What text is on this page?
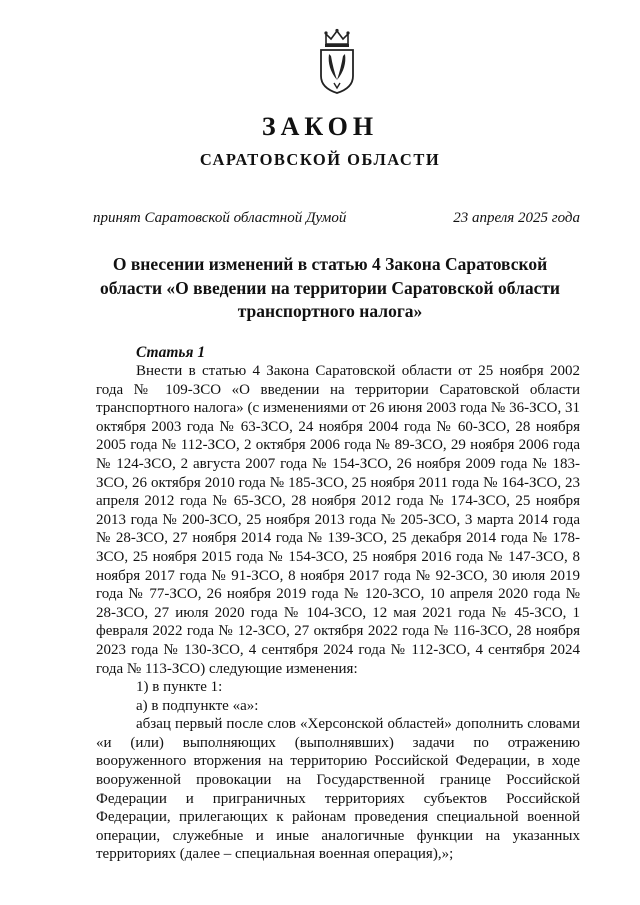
ЗАКОН
САРАТОВСКОЙ ОБЛАСТИ
принят Саратовской областной Думой	23 апреля 2025 года
О внесении изменений в статью 4 Закона Саратовской области «О введении на территории Саратовской области транспортного налога»
Статья 1

Внести в статью 4 Закона Саратовской области от 25 ноября 2002 года № 109-ЗСО «О введении на территории Саратовской области транспортного налога» (с изменениями от 26 июня 2003 года № 36-ЗСО, 31 октября 2003 года № 63-ЗСО, 24 ноября 2004 года № 60-ЗСО, 28 ноября 2005 года № 112-ЗСО, 2 октября 2006 года № 89-ЗСО, 29 ноября 2006 года № 124-ЗСО, 2 августа 2007 года № 154-ЗСО, 26 ноября 2009 года № 183-ЗСО, 26 октября 2010 года № 185-ЗСО, 25 ноября 2011 года № 164-ЗСО, 23 апреля 2012 года № 65-ЗСО, 28 ноября 2012 года № 174-ЗСО, 25 ноября 2013 года № 200-ЗСО, 25 ноября 2013 года № 205-ЗСО, 3 марта 2014 года № 28-ЗСО, 27 ноября 2014 года № 139-ЗСО, 25 декабря 2014 года № 178-ЗСО, 25 ноября 2015 года № 154-ЗСО, 25 ноября 2016 года № 147-ЗСО, 8 ноября 2017 года № 91-ЗСО, 8 ноября 2017 года № 92-ЗСО, 30 июля 2019 года № 77-ЗСО, 26 ноября 2019 года № 120-ЗСО, 10 апреля 2020 года № 28-ЗСО, 27 июля 2020 года № 104-ЗСО, 12 мая 2021 года № 45-ЗСО, 1 февраля 2022 года № 12-ЗСО, 27 октября 2022 года № 116-ЗСО, 28 ноября 2023 года № 130-ЗСО, 4 сентября 2024 года № 112-ЗСО, 4 сентября 2024 года № 113-ЗСО) следующие изменения:

1) в пункте 1:

а) в подпункте «а»:

абзац первый после слов «Херсонской областей» дополнить словами «и (или) выполняющих (выполнявших) задачи по отражению вооруженного вторжения на территорию Российской Федерации, в ходе вооруженной провокации на Государственной границе Российской Федерации и приграничных территориях субъектов Российской Федерации, прилегающих к районам проведения специальной военной операции, служебные и иные аналогичные функции на указанных территориях (далее – специальная военная операция),»;
